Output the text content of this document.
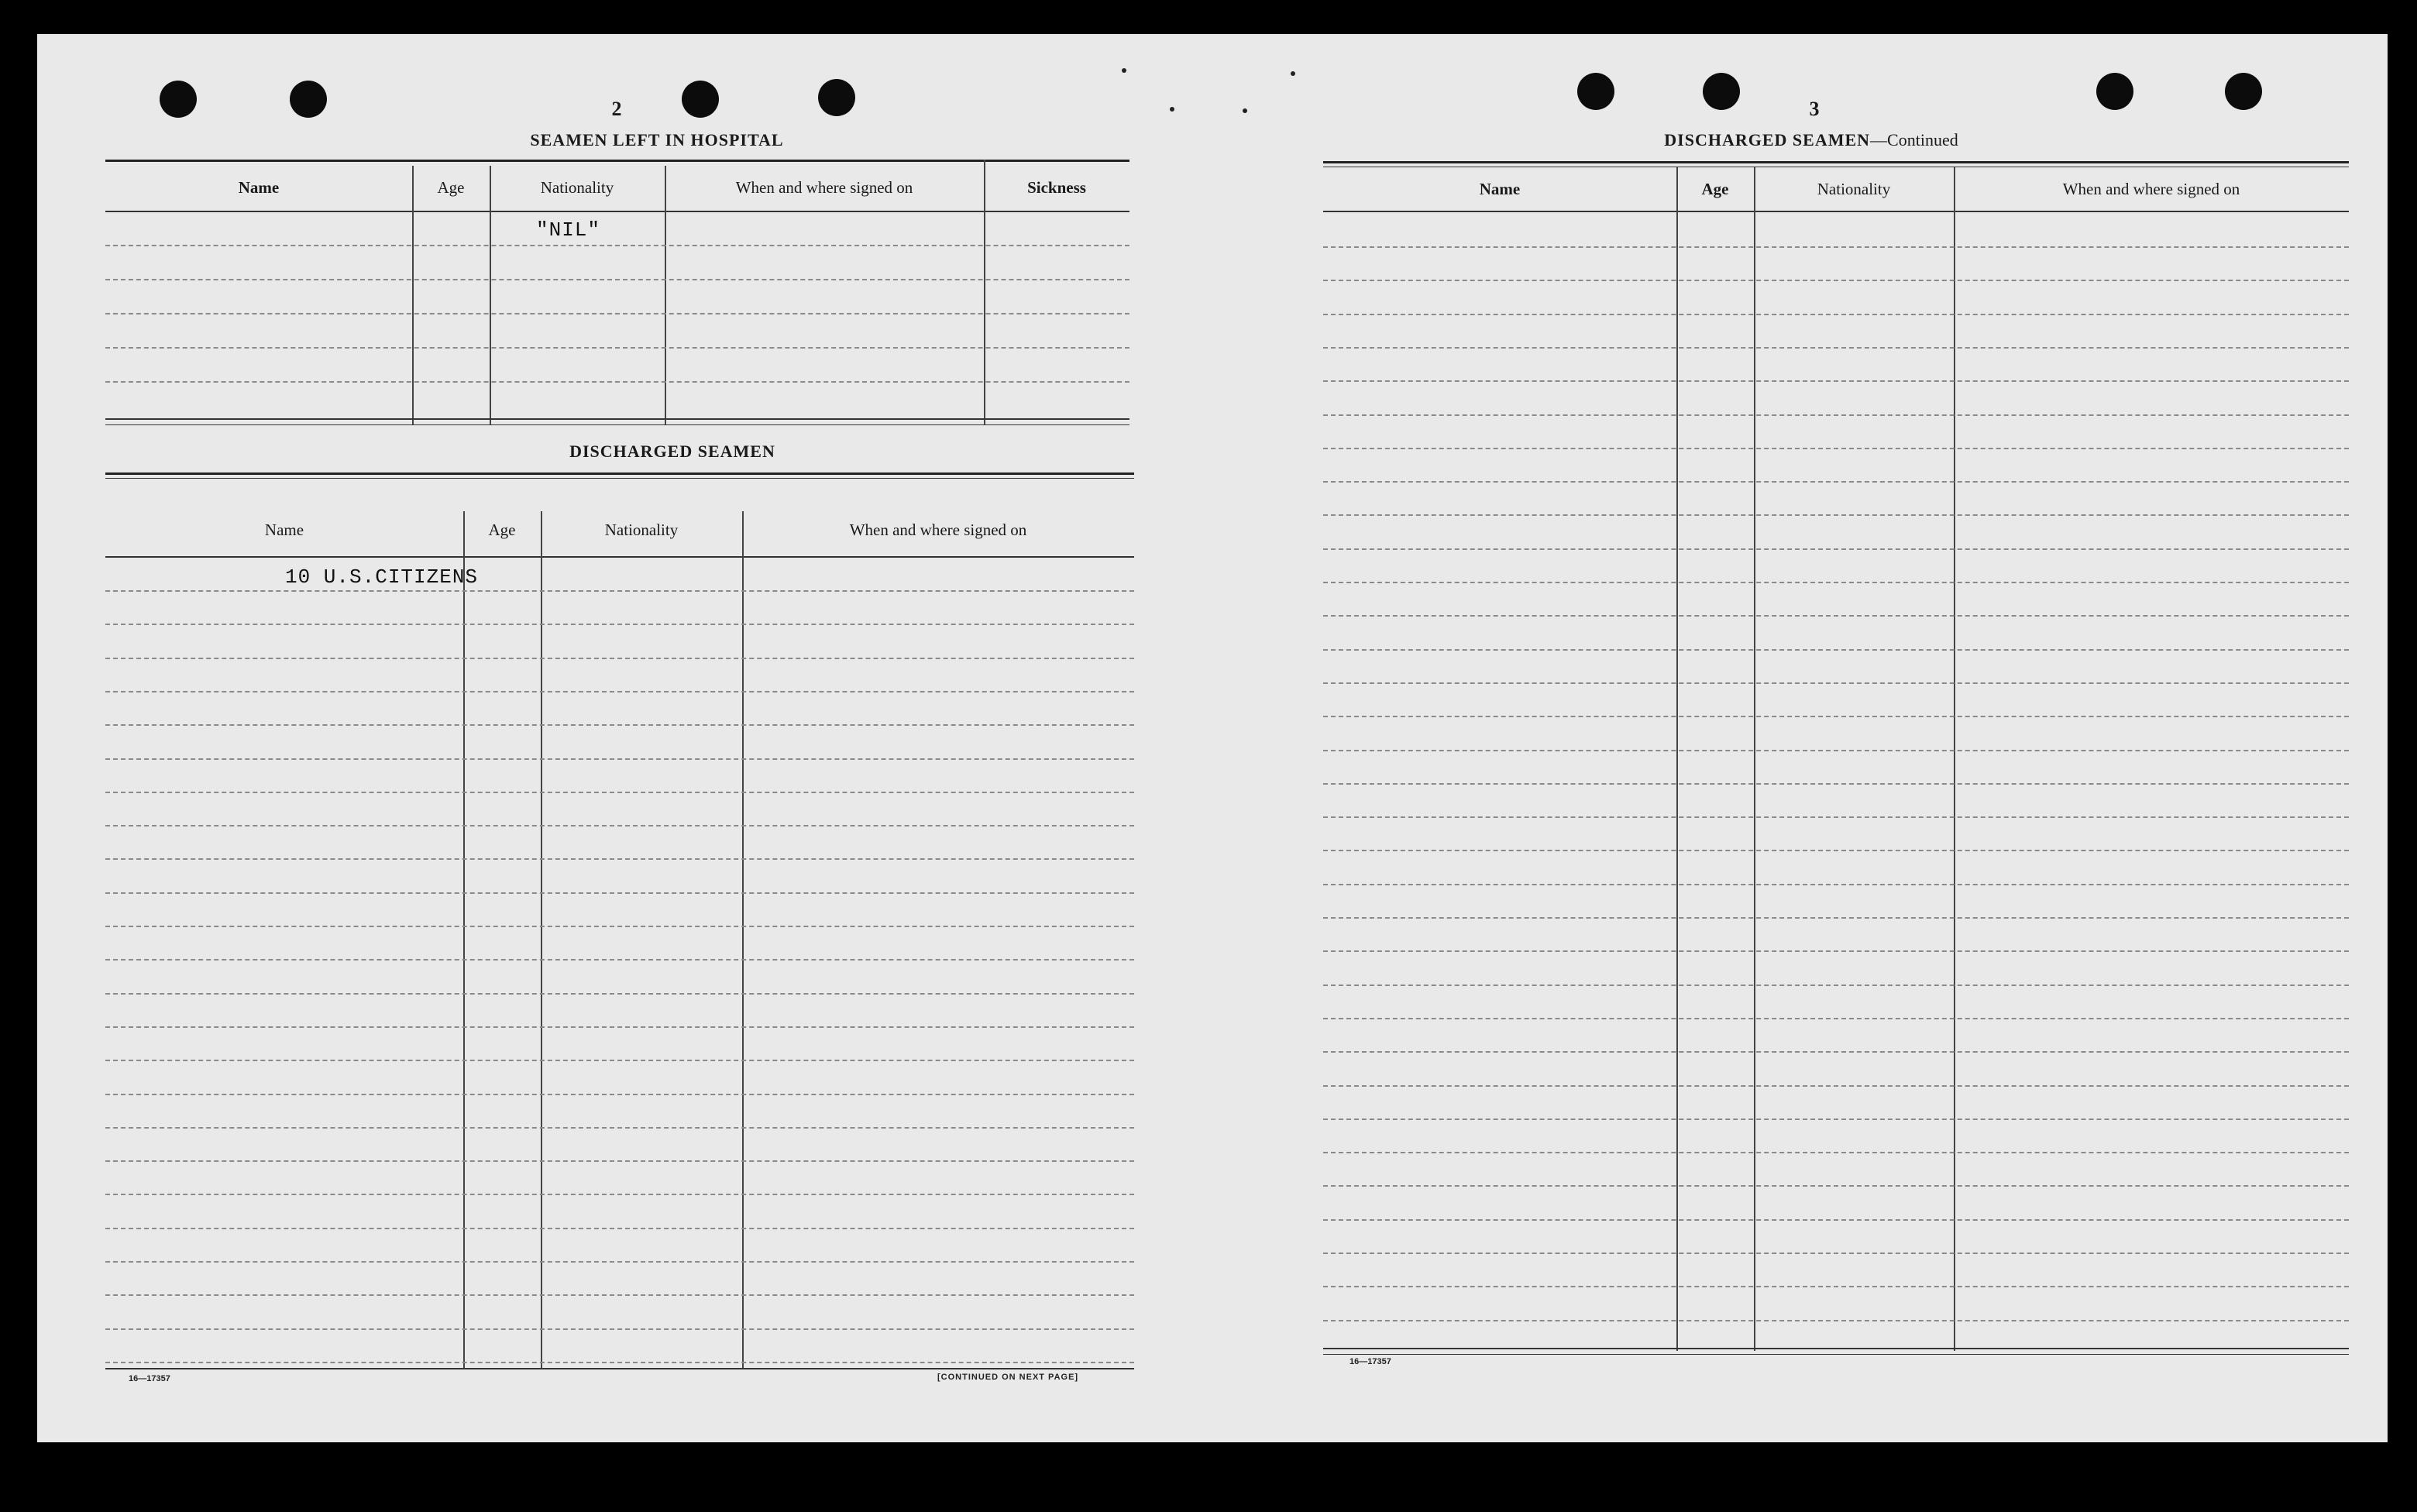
2
SEAMEN LEFT IN HOSPITAL
Name	Age	Nationality	When and where signed on	Sickness
"NIL"
DISCHARGED SEAMEN
Name	Age	Nationality	When and where signed on
10 U.S.CITIZENS
16—17357	[CONTINUED ON NEXT PAGE]
3
DISCHARGED SEAMEN—Continued
Name	Age	Nationality	When and where signed on
16—17357
